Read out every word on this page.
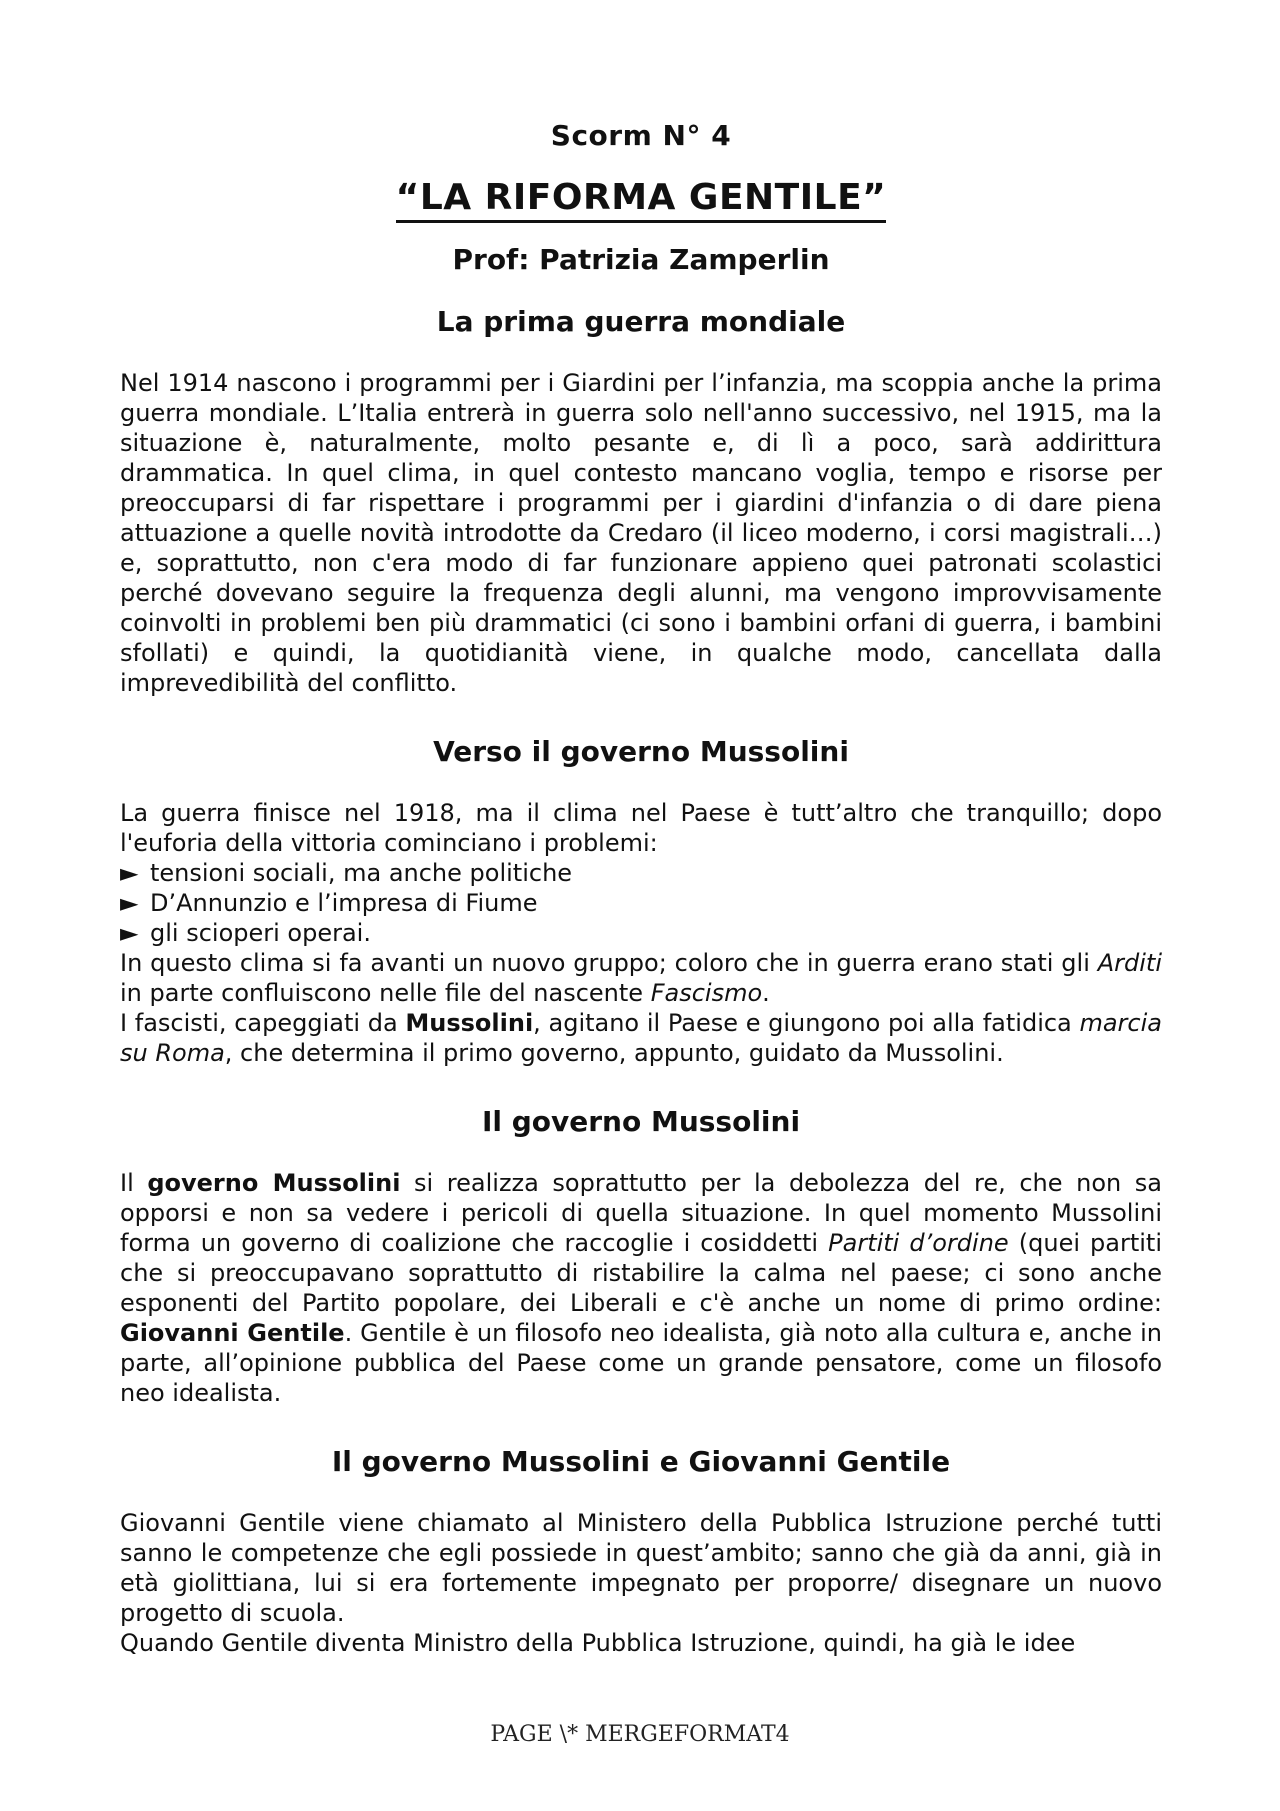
Scorm N° 4
“LA RIFORMA GENTILE”
Prof: Patrizia Zamperlin
La prima guerra mondiale

Nel 1914 nascono i programmi per i Giardini per l’infanzia, ma scoppia anche la prima guerra mondiale. L’Italia entrerà in guerra solo nell'anno successivo, nel 1915, ma la situazione è, naturalmente, molto pesante e, di lì a poco, sarà addirittura drammatica. In quel clima, in quel contesto mancano voglia, tempo e risorse per preoccuparsi di far rispettare i programmi per i giardini d'infanzia o di dare piena attuazione a quelle novità introdotte da Credaro (il liceo moderno, i corsi magistrali…) e, soprattutto, non c'era modo di far funzionare appieno quei patronati scolastici perché dovevano seguire la frequenza degli alunni, ma vengono improvvisamente coinvolti in problemi ben più drammatici (ci sono i bambini orfani di guerra, i bambini sfollati) e quindi, la quotidianità viene, in qualche modo, cancellata dalla imprevedibilità del conflitto.

Verso il governo Mussolini

La guerra finisce nel 1918, ma il clima nel Paese è tutt’altro che tranquillo; dopo l'euforia della vittoria cominciano i problemi:

► tensioni sociali, ma anche politiche
► D’Annunzio e l’impresa di Fiume
► gli scioperi operai.

In questo clima si fa avanti un nuovo gruppo; coloro che in guerra erano stati gli Arditi in parte confluiscono nelle file del nascente Fascismo.

I fascisti, capeggiati da Mussolini, agitano il Paese e giungono poi alla fatidica marcia su Roma, che determina il primo governo, appunto, guidato da Mussolini.

Il governo Mussolini

Il governo Mussolini si realizza soprattutto per la debolezza del re, che non sa opporsi e non sa vedere i pericoli di quella situazione. In quel momento Mussolini forma un governo di coalizione che raccoglie i cosiddetti Partiti d’ordine (quei partiti che si preoccupavano soprattutto di ristabilire la calma nel paese; ci sono anche esponenti del Partito popolare, dei Liberali e c'è anche un nome di primo ordine: Giovanni Gentile. Gentile è un filosofo neo idealista, già noto alla cultura e, anche in parte, all’opinione pubblica del Paese come un grande pensatore, come un filosofo neo idealista.

Il governo Mussolini e Giovanni Gentile

Giovanni Gentile viene chiamato al Ministero della Pubblica Istruzione perché tutti sanno le competenze che egli possiede in quest’ambito; sanno che già da anni, già in età giolittiana, lui si era fortemente impegnato per proporre/ disegnare un nuovo progetto di scuola.

Quando Gentile diventa Ministro della Pubblica Istruzione, quindi, ha già le idee

PAGE \* MERGEFORMAT4
